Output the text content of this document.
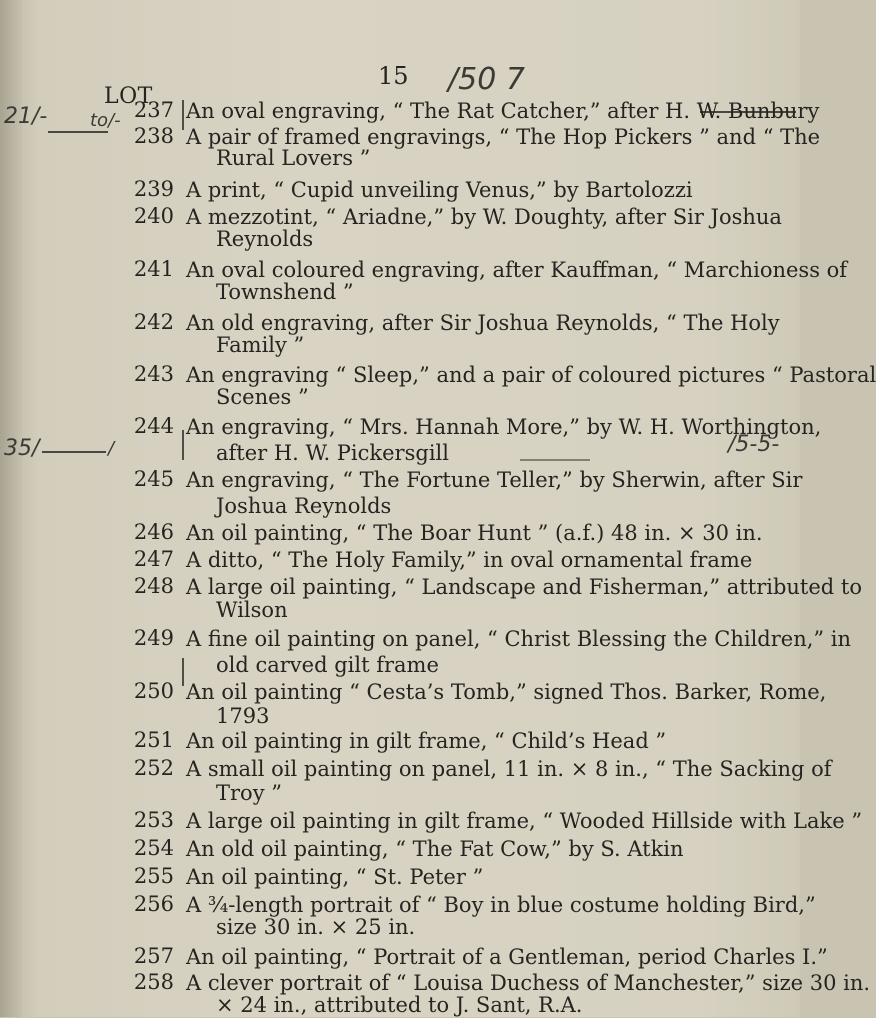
LOT
15 /50 7
21/- to/-
35/	/	/5-5-
237 An oval engraving, “ The Rat Catcher,” after H. W. Bunbury
238 A pair of framed engravings, “ The Hop Pickers ” and “ The
Rural Lovers ”
239 A print, “ Cupid unveiling Venus,” by Bartolozzi
240 A mezzotint, “ Ariadne,” by W. Doughty, after Sir Joshua
Reynolds
241 An oval coloured engraving, after Kauffman, “ Marchioness of
Townshend ”
242 An old engraving, after Sir Joshua Reynolds, “ The Holy
Family ”
243 An engraving “ Sleep,” and a pair of coloured pictures “ Pastoral
Scenes ”
244 An engraving, “ Mrs. Hannah More,” by W. H. Worthington,
after H. W. Pickersgill
245 An engraving, “ The Fortune Teller,” by Sherwin, after Sir
Joshua Reynolds
246 An oil painting, “ The Boar Hunt ” (a.f.) 48 in. × 30 in.
247 A ditto, “ The Holy Family,” in oval ornamental frame
248 A large oil painting, “ Landscape and Fisherman,” attributed to
Wilson
249 A fine oil painting on panel, “ Christ Blessing the Children,” in
old carved gilt frame
250 An oil painting “ Cesta’s Tomb,” signed Thos. Barker, Rome,
1793
251 An oil painting in gilt frame, “ Child’s Head ”
252 A small oil painting on panel, 11 in. × 8 in., “ The Sacking of
Troy ”
253 A large oil painting in gilt frame, “ Wooded Hillside with Lake ”
254 An old oil painting, “ The Fat Cow,” by S. Atkin
255 An oil painting, “ St. Peter ”
256 A ¾-length portrait of “ Boy in blue costume holding Bird,”
size 30 in. × 25 in.
257 An oil painting, “ Portrait of a Gentleman, period Charles I.”
258 A clever portrait of “ Louisa Duchess of Manchester,” size 30 in.
× 24 in., attributed to J. Sant, R.A.
